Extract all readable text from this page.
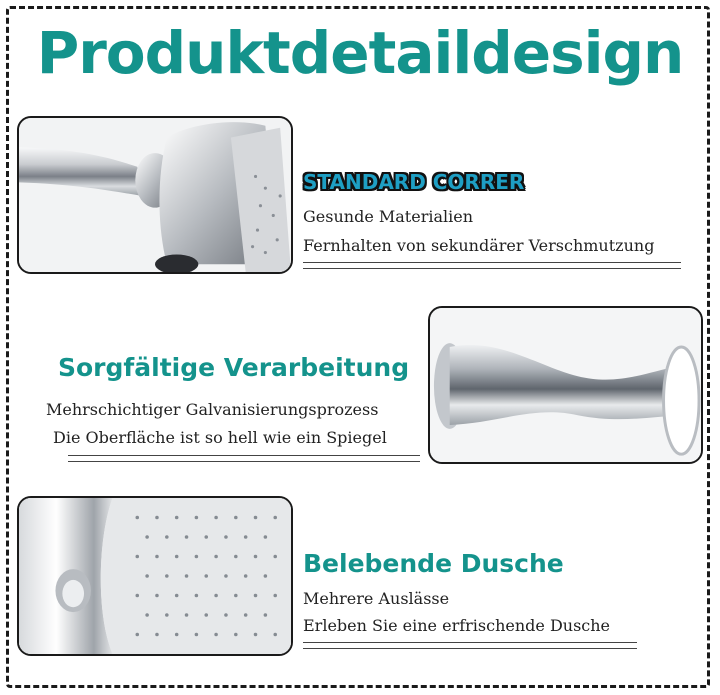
Produktdetaildesign
STANDARD CORRER
Gesunde Materialien
Fernhalten von sekundärer Verschmutzung
Sorgfältige Verarbeitung
Mehrschichtiger Galvanisierungsprozess
Die Oberfläche ist so hell wie ein Spiegel
Belebende Dusche
Mehrere Auslässe
Erleben Sie eine erfrischende Dusche
